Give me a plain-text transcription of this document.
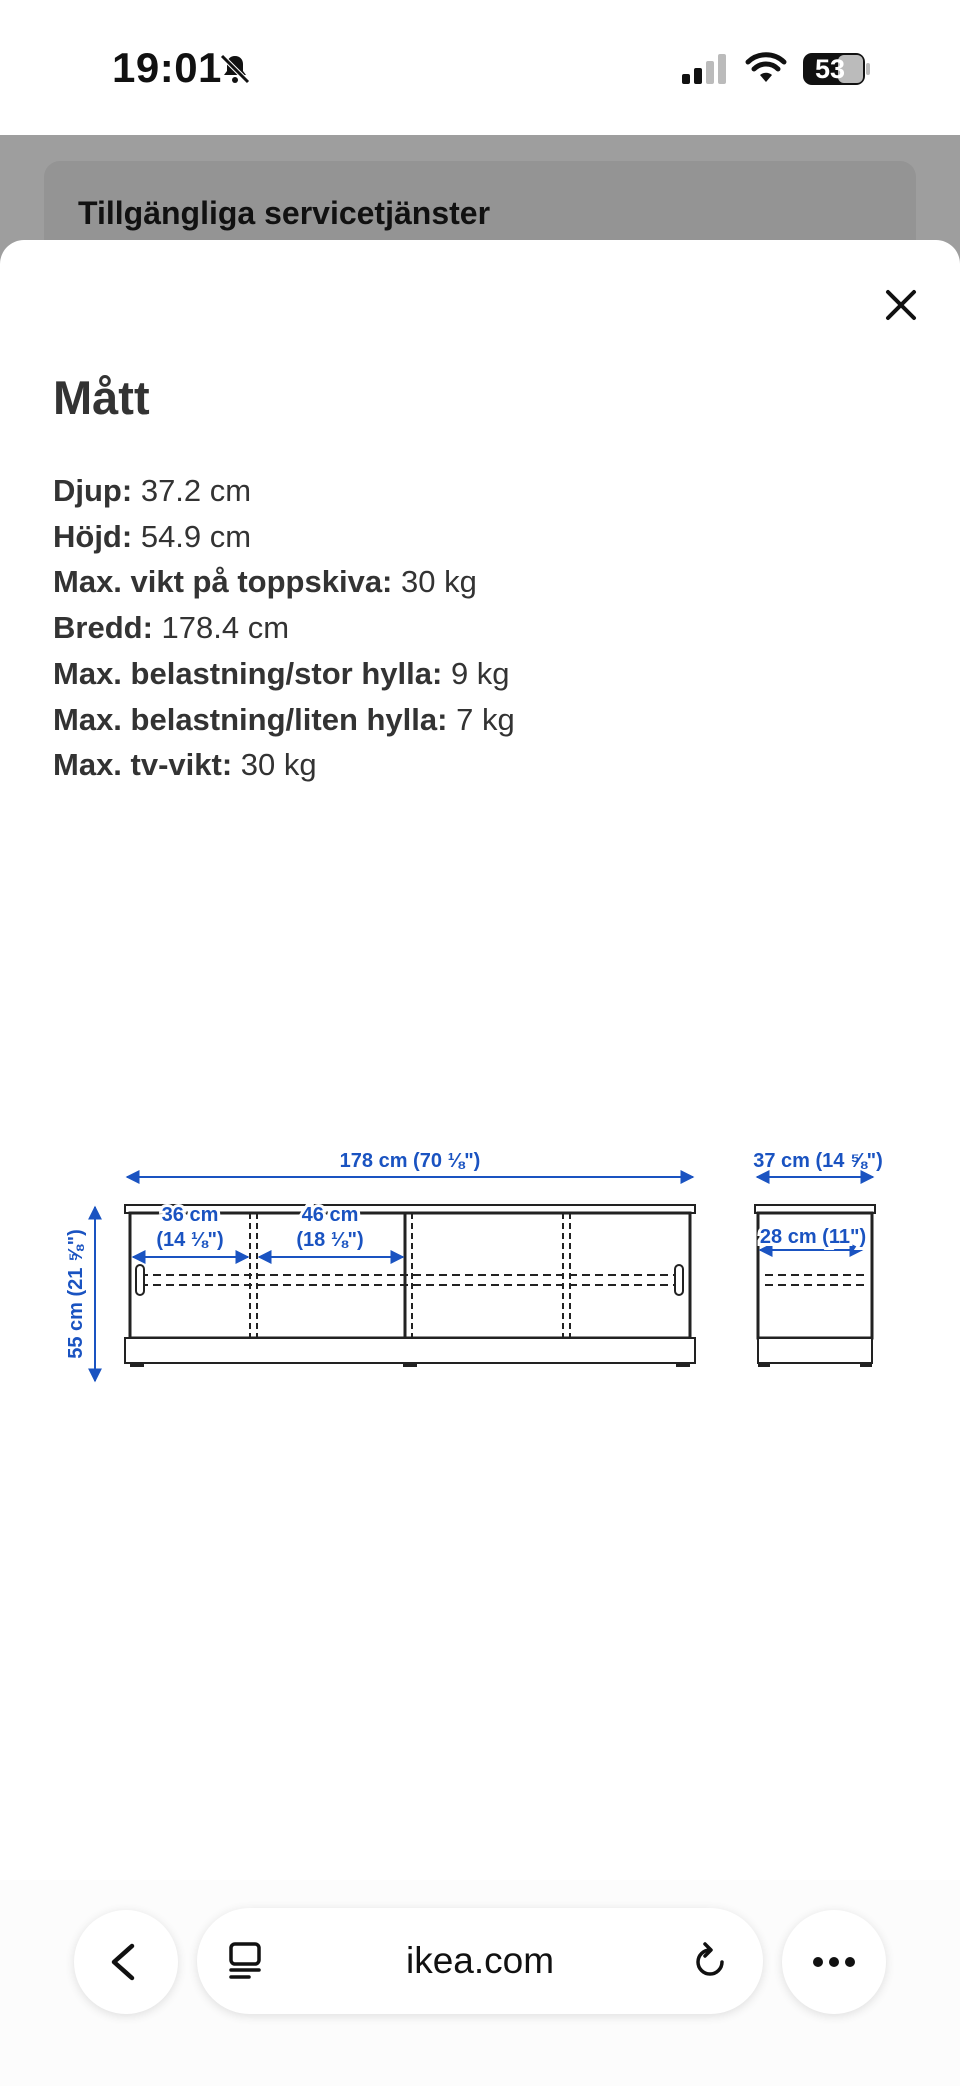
19:01	53
Tillgängliga servicetjänster
Mått
Djup: 37.2 cm
Höjd: 54.9 cm
Max. vikt på toppskiva: 30 kg
Bredd: 178.4 cm
Max. belastning/stor hylla: 9 kg
Max. belastning/liten hylla: 7 kg
Max. tv-vikt: 30 kg
178 cm (70 ⅛")	37 cm (14 ⅝")
36 cm
(14 ⅛")
46 cm
(18 ⅛")	28 cm (11")
55 cm (21 ⅝")
ikea.com
